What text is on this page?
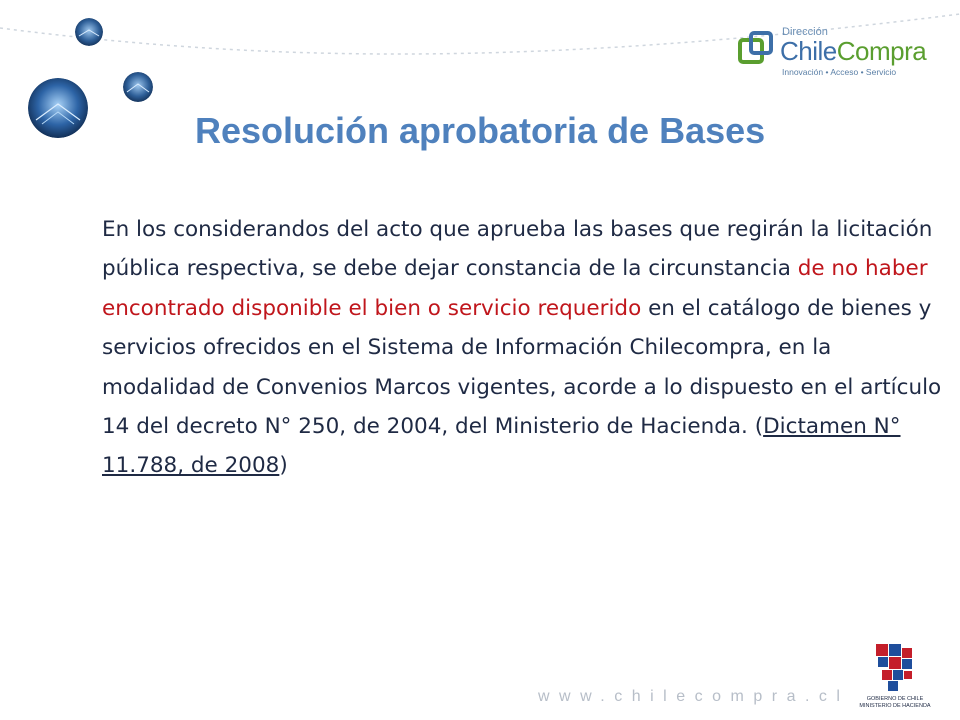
Dirección
ChileCompra
Innovación • Acceso • Servicio
Resolución aprobatoria de Bases

En los considerandos del acto que aprueba las bases que regirán la licitación pública respectiva, se debe dejar constancia de la circunstancia de no haber encontrado disponible el bien o servicio requerido en el catálogo de bienes y servicios ofrecidos en el Sistema de Información Chilecompra, en la modalidad de Convenios Marcos vigentes, acorde a lo dispuesto en el artículo 14 del decreto N° 250, de 2004, del Ministerio de Hacienda. (Dictamen N° 11.788, de 2008)

www.chilecompra.cl	GOBIERNO DE CHILE
MINISTERIO DE HACIENDA
